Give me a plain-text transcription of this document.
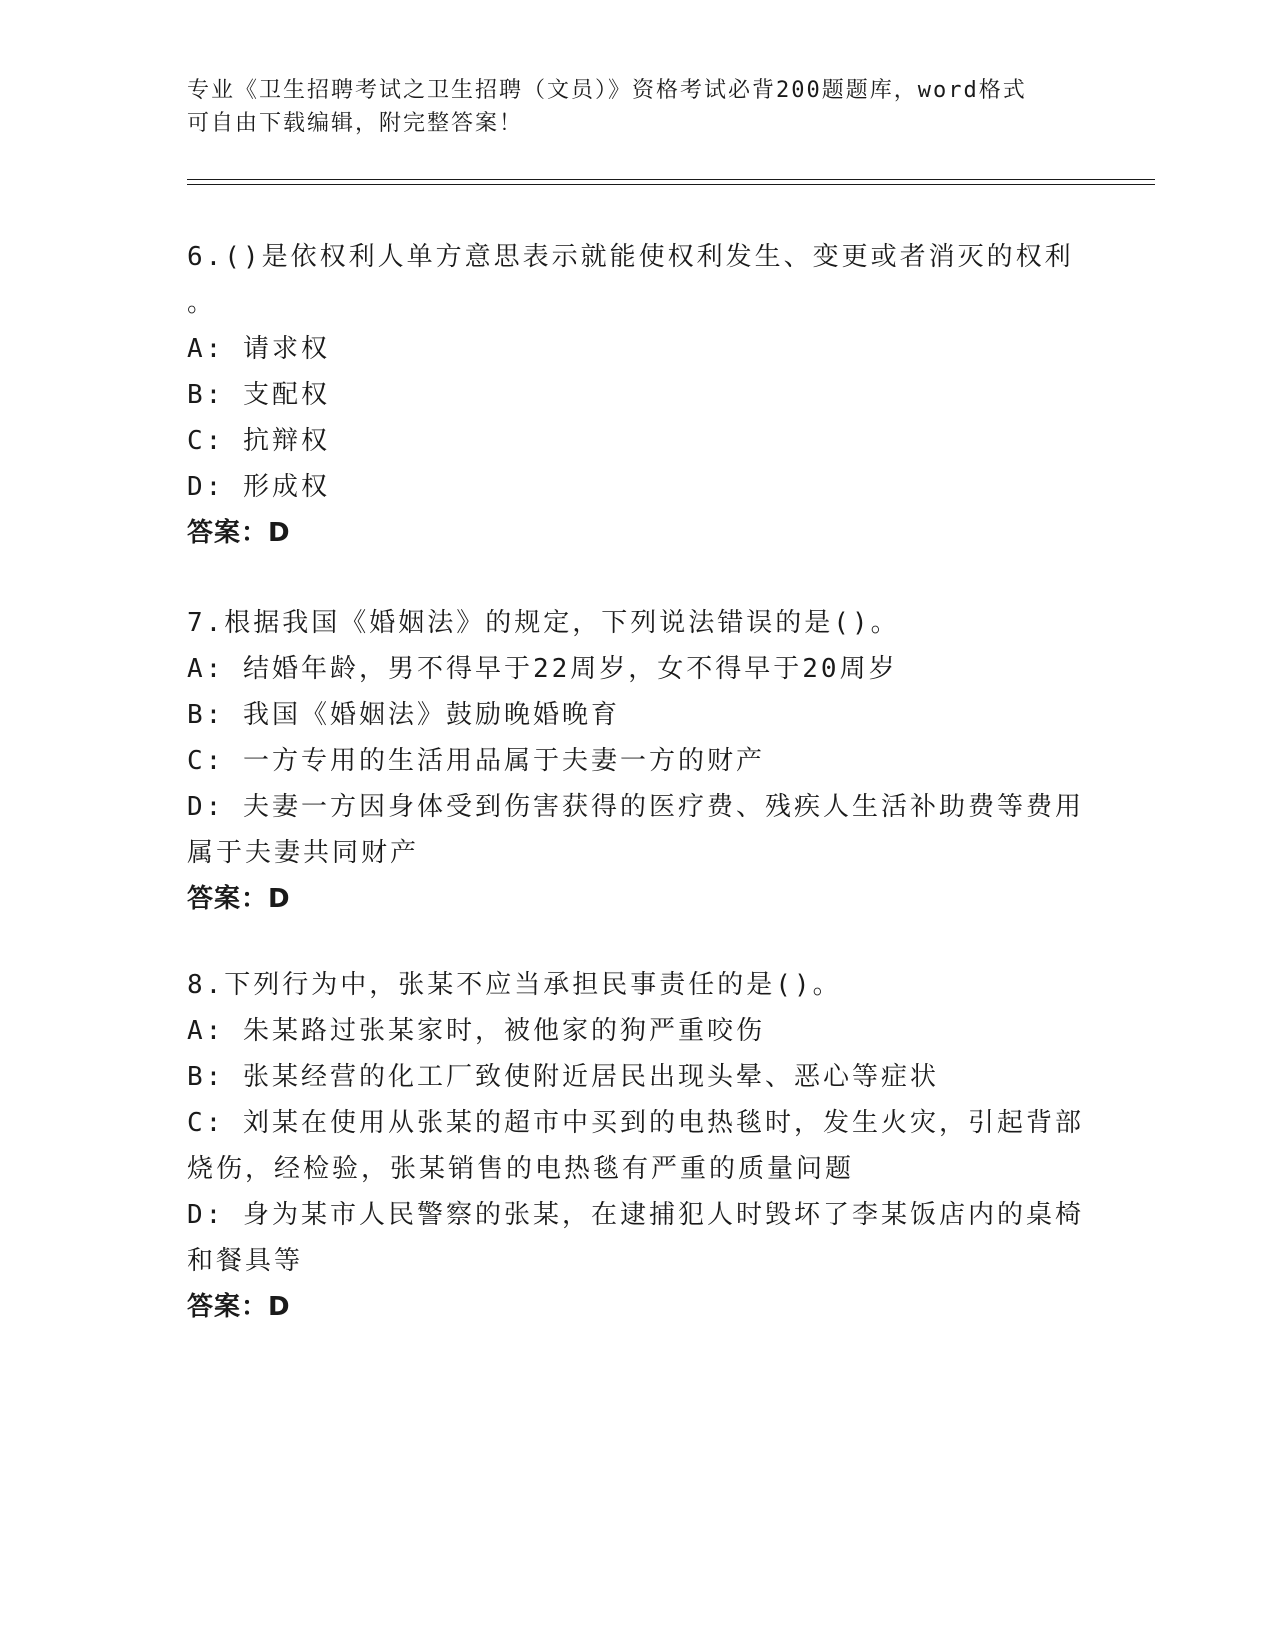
专业《卫生招聘考试之卫生招聘（文员）》资格考试必背200题题库，word格式
可自由下载编辑，附完整答案！
6.()是依权利人单方意思表示就能使权利发生、变更或者消灭的权利
。
A: 请求权
B: 支配权
C: 抗辩权
D: 形成权
答案：D
7.根据我国《婚姻法》的规定，下列说法错误的是()。
A: 结婚年龄，男不得早于22周岁，女不得早于20周岁
B: 我国《婚姻法》鼓励晚婚晚育
C: 一方专用的生活用品属于夫妻一方的财产
D: 夫妻一方因身体受到伤害获得的医疗费、残疾人生活补助费等费用
属于夫妻共同财产
答案：D
8.下列行为中，张某不应当承担民事责任的是()。
A: 朱某路过张某家时，被他家的狗严重咬伤
B: 张某经营的化工厂致使附近居民出现头晕、恶心等症状
C: 刘某在使用从张某的超市中买到的电热毯时，发生火灾，引起背部
烧伤，经检验，张某销售的电热毯有严重的质量问题
D: 身为某市人民警察的张某，在逮捕犯人时毁坏了李某饭店内的桌椅
和餐具等
答案：D
